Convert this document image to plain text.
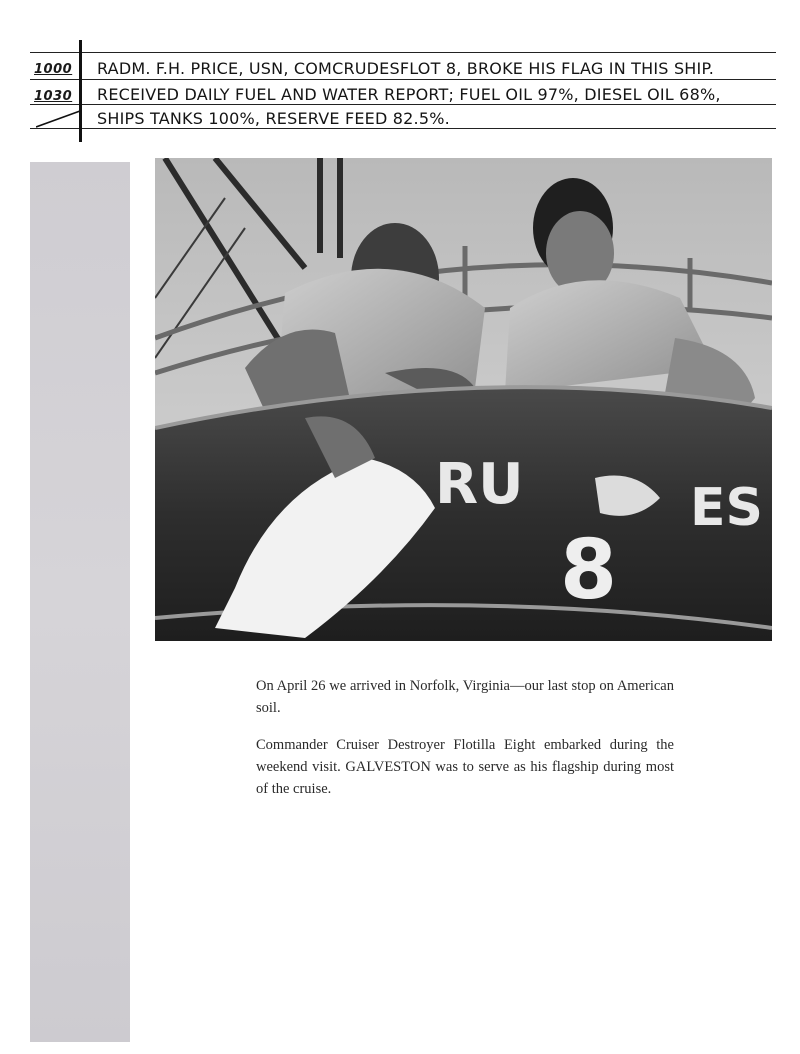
1000 RADM. F.H. PRICE, USN, COMCRUDESFLOT 8, BROKE HIS FLAG IN THIS SHIP.
1030 RECEIVED DAILY FUEL AND WATER REPORT; FUEL OIL 97%, DIESEL OIL 68%,
SHIPS TANKS 100%, RESERVE FEED 82.5%.
RU	ES
8

On April 26 we arrived in Norfolk, Virginia—our last stop on American soil.

Commander Cruiser Destroyer Flotilla Eight embarked during the weekend visit. GALVESTON was to serve as his flagship during most of the cruise.
